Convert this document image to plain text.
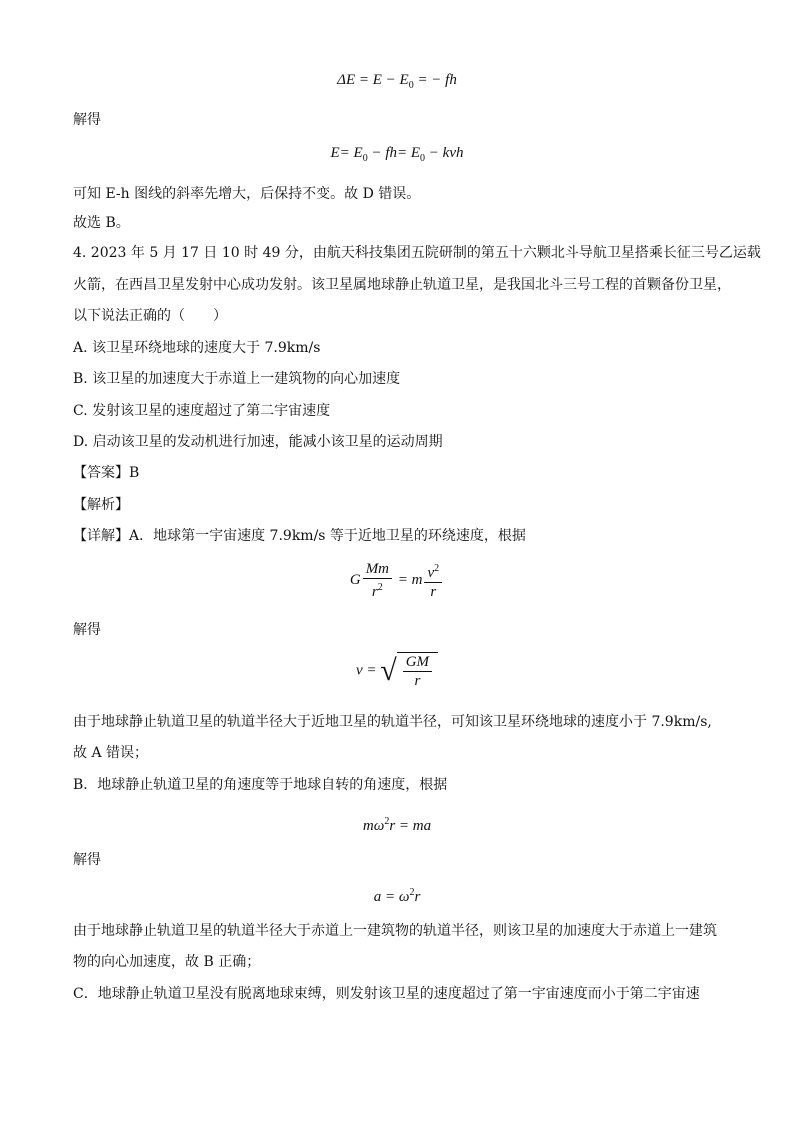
$\Delta E = E - E_0$ = − fh
解得
$E= E_0 - fh= E_0$ − kvh
可知 E-h 图线的斜率先增大，后保持不变。故 D 错误。
故选 B。
4. 2023 年 5 月 17 日 10 时 49 分，由航天科技集团五院研制的第五十六颗北斗导航卫星搭乘长征三号乙运载
火箭，在西昌卫星发射中心成功发射。该卫星属地球静止轨道卫星，是我国北斗三号工程的首颗备份卫星，
以下说法正确的（　　）
A. 该卫星环绕地球的速度大于 7.9km/s
B. 该卫星的加速度大于赤道上一建筑物的向心加速度
C. 发射该卫星的速度超过了第二宇宙速度
D. 启动该卫星的发动机进行加速，能减小该卫星的运动周期
【答案】B
【解析】
【详解】A．地球第一宇宙速度 7.9km/s 等于近地卫星的环绕速度，根据
G $\frac{Mm}{r^2} = m \frac{v^2}{r}$
解得
v = √ $\frac{GM}{r}$
由于地球静止轨道卫星的轨道半径大于近地卫星的轨道半径，可知该卫星环绕地球的速度小于 7.9km/s,
故 A 错误；
B．地球静止轨道卫星的角速度等于地球自转的角速度，根据
$m\omega^2r$ = ma
解得
$a = \omega^2r$
由于地球静止轨道卫星的轨道半径大于赤道上一建筑物的轨道半径，则该卫星的加速度大于赤道上一建筑
物的向心加速度，故 B 正确；
C．地球静止轨道卫星没有脱离地球束缚，则发射该卫星的速度超过了第一宇宙速度而小于第二宇宙速
